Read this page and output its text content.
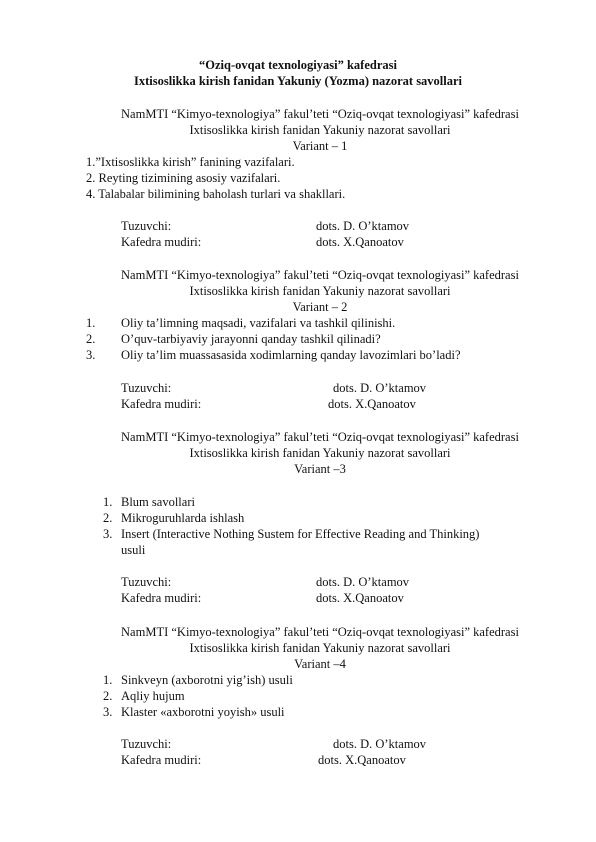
“Oziq-ovqat texnologiyasi” kafedrasi
Ixtisoslikka kirish fanidan Yakuniy (Yozma) nazorat savollari
NamMTI “Kimyo-texnologiya” fakul’teti “Oziq-ovqat texnologiyasi” kafedrasi
Ixtisoslikka kirish fanidan Yakuniy nazorat savollari
Variant – 1
1.”Ixtisoslikka kirish” fanining vazifalari.
2. Reyting tizimining asosiy vazifalari.
4. Talabalar bilimining baholash turlari va shakllari.
Tuzuvchi:	dots. D. O’ktamov
Kafedra mudiri:	dots. X.Qanoatov
NamMTI “Kimyo-texnologiya” fakul’teti “Oziq-ovqat texnologiyasi” kafedrasi
Ixtisoslikka kirish fanidan Yakuniy nazorat savollari
Variant – 2
1. Oliy ta’limning maqsadi, vazifalari va tashkil qilinishi.
2. O’quv-tarbiyaviy jarayonni qanday tashkil qilinadi?
3. Oliy ta’lim muassasasida xodimlarning qanday lavozimlari bo’ladi?
Tuzuvchi:	dots. D. O’ktamov
Kafedra mudiri:	dots. X.Qanoatov
NamMTI “Kimyo-texnologiya” fakul’teti “Oziq-ovqat texnologiyasi” kafedrasi
Ixtisoslikka kirish fanidan Yakuniy nazorat savollari
Variant –3
1. Blum savollari
2. Mikroguruhlarda ishlash
3. Insert (Interactive Nothing Sustem for Effective Reading and Thinking)
usuli
Tuzuvchi:	dots. D. O’ktamov
Kafedra mudiri:	dots. X.Qanoatov
NamMTI “Kimyo-texnologiya” fakul’teti “Oziq-ovqat texnologiyasi” kafedrasi
Ixtisoslikka kirish fanidan Yakuniy nazorat savollari
Variant –4
1. Sinkveyn (axborotni yig’ish) usuli
2. Aqliy hujum
3. Klaster «axborotni yoyish» usuli
Tuzuvchi:	dots. D. O’ktamov
Kafedra mudiri:	dots. X.Qanoatov
